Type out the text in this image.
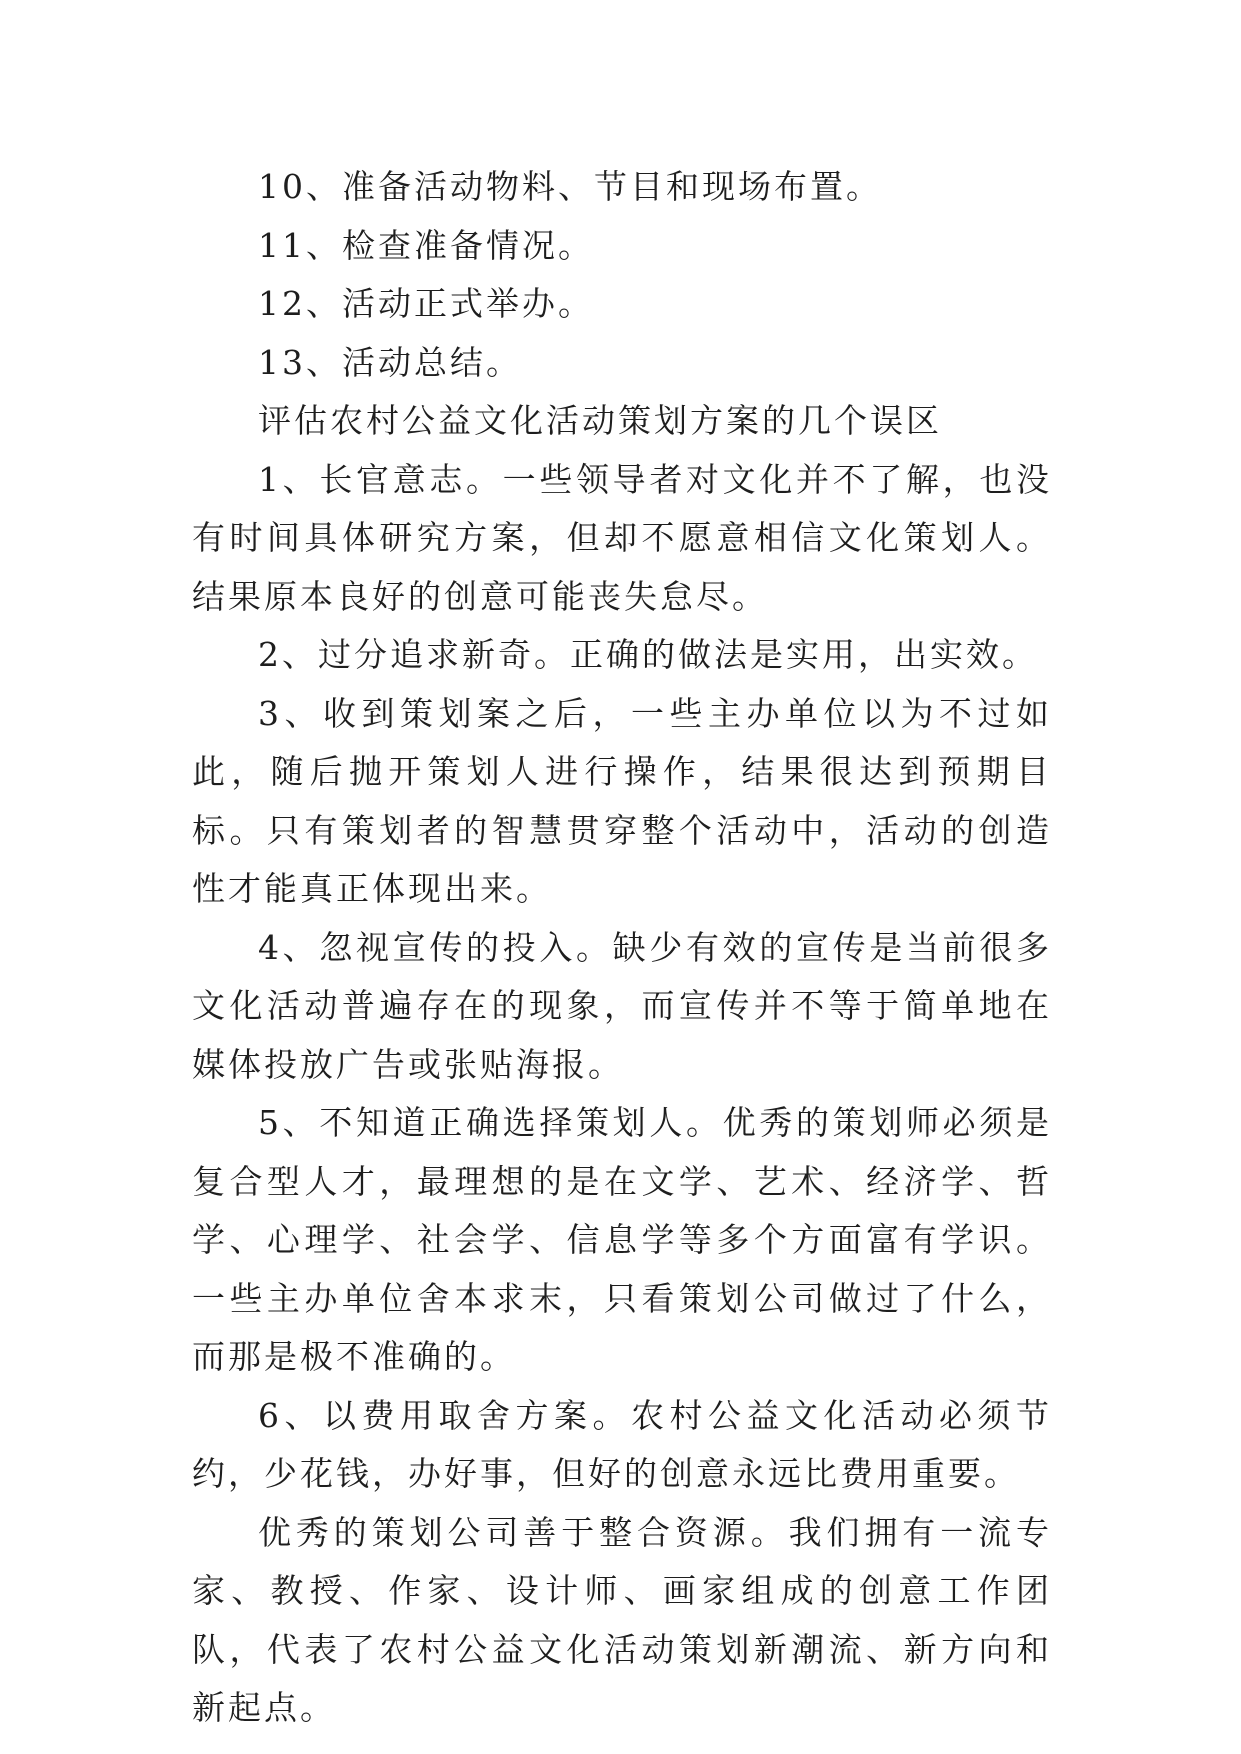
10、准备活动物料、节目和现场布置。

11、检查准备情况。

12、活动正式举办。

13、活动总结。

评估农村公益文化活动策划方案的几个误区

1、长官意志。一些领导者对文化并不了解，也没有时间具体研究方案，但却不愿意相信文化策划人。结果原本良好的创意可能丧失怠尽。

2、过分追求新奇。正确的做法是实用，出实效。

3、收到策划案之后，一些主办单位以为不过如此，随后抛开策划人进行操作，结果很达到预期目标。只有策划者的智慧贯穿整个活动中，活动的创造性才能真正体现出来。

4、忽视宣传的投入。缺少有效的宣传是当前很多文化活动普遍存在的现象，而宣传并不等于简单地在媒体投放广告或张贴海报。

5、不知道正确选择策划人。优秀的策划师必须是复合型人才，最理想的是在文学、艺术、经济学、哲学、心理学、社会学、信息学等多个方面富有学识。一些主办单位舍本求末，只看策划公司做过了什么，而那是极不准确的。

6、以费用取舍方案。农村公益文化活动必须节约，少花钱，办好事，但好的创意永远比费用重要。

优秀的策划公司善于整合资源。我们拥有一流专家、教授、作家、设计师、画家组成的创意工作团队，代表了农村公益文化活动策划新潮流、新方向和新起点。
